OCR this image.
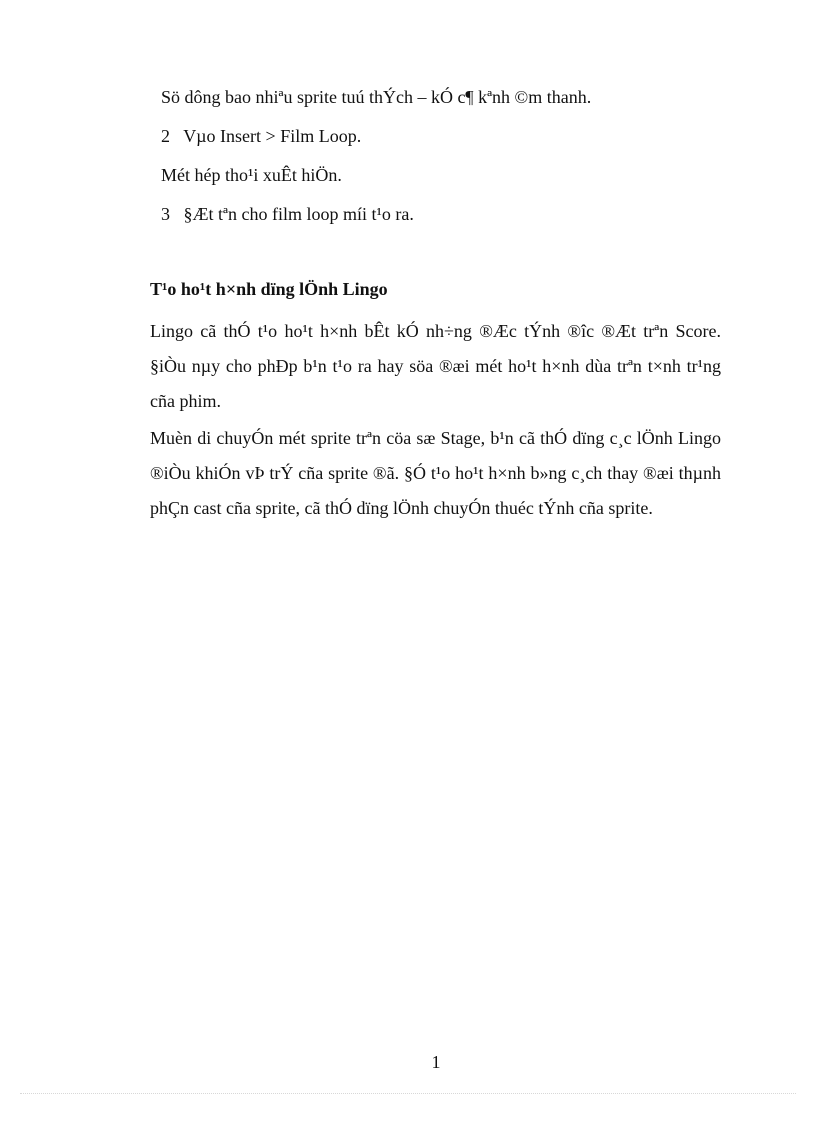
Sö dông bao nhiªu sprite tuú thÝch – kÓ c¶ kªnh ©m thanh.
2 Vµo Insert > Film Loop.
Mét hép tho¹i xuÊt hiÖn.
3 §Æt tªn cho film loop míi t¹o ra.
T¹o ho¹t h×nh dïng lÖnh Lingo
Lingo cã thÓ t¹o ho¹t h×nh bÊt kÓ nh÷ng ®Æc tÝnh ®îc ®Æt trªn Score. §iÒu nµy cho phÐp b¹n t¹o ra hay söa ®æi mét ho¹t h×nh dùa trªn t×nh tr¹ng cña phim.
Muèn di chuyÓn mét sprite trªn cöa sæ Stage, b¹n cã thÓ dïng c¸c lÖnh Lingo ®iÒu khiÓn vÞ trÝ cña sprite ®ã. §Ó t¹o ho¹t h×nh b»ng c¸ch thay ®æi thµnh phÇn cast cña sprite, cã thÓ dïng lÖnh chuyÓn thuéc tÝnh cña sprite.
1
